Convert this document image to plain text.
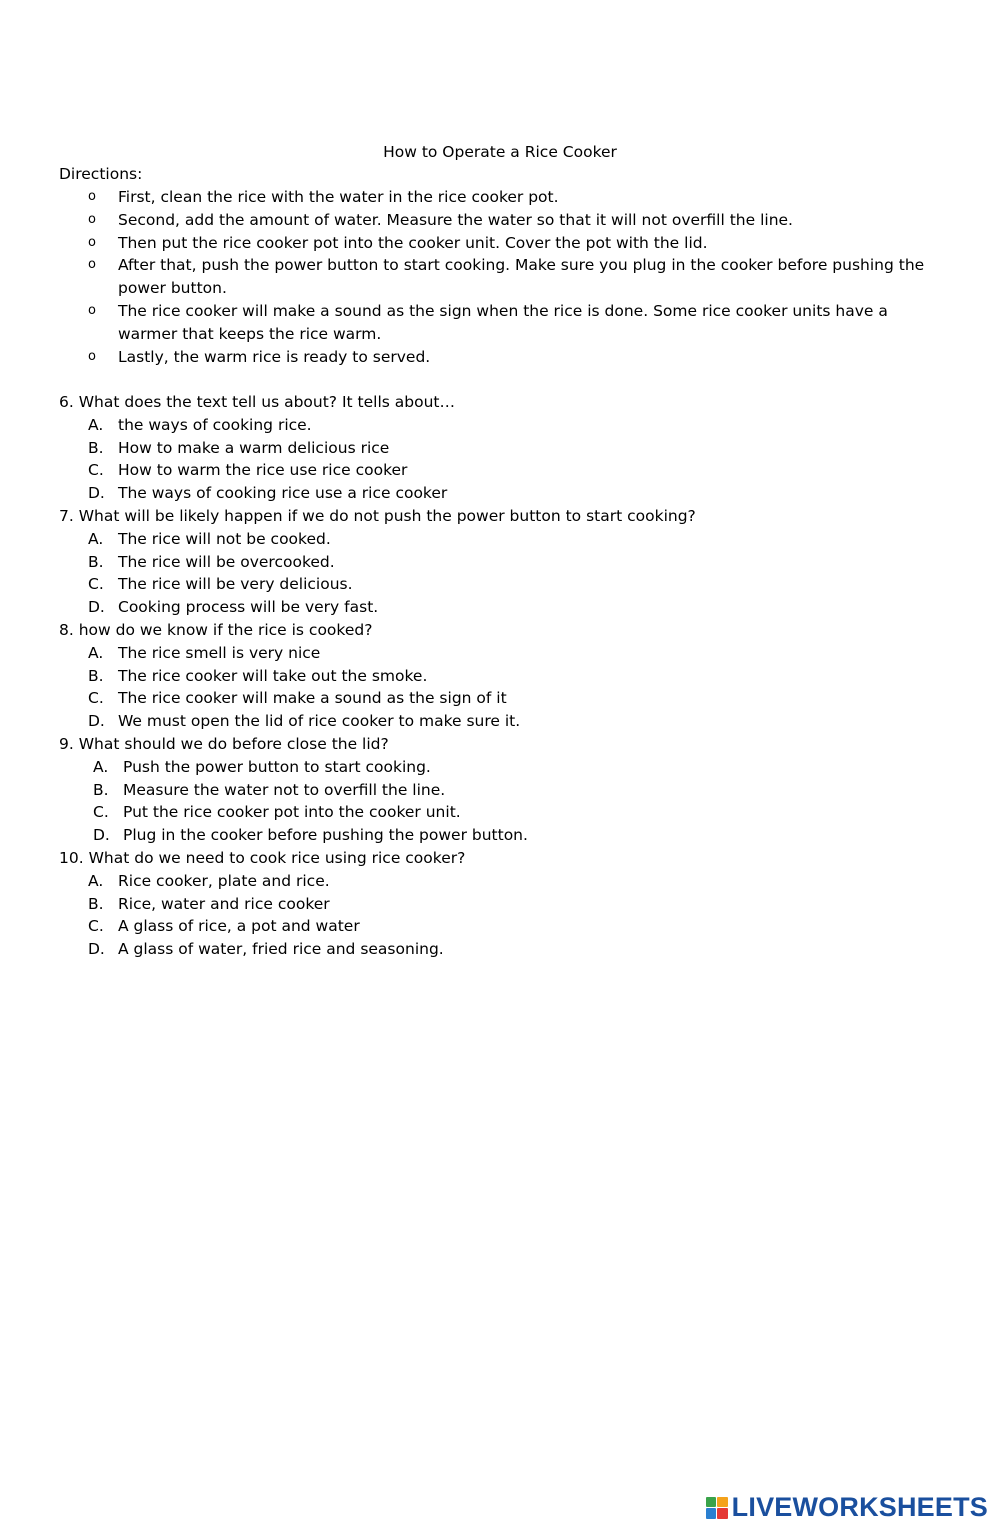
How to Operate a Rice Cooker
Directions:
o First, clean the rice with the water in the rice cooker pot.
o Second, add the amount of water. Measure the water so that it will not overfill the line.
o Then put the rice cooker pot into the cooker unit. Cover the pot with the lid.
o After that, push the power button to start cooking. Make sure you plug in the cooker before pushing the power button.
o The rice cooker will make a sound as the sign when the rice is done. Some rice cooker units have a warmer that keeps the rice warm.
o Lastly, the warm rice is ready to served.
6. What does the text tell us about? It tells about…
A. the ways of cooking rice.
B. How to make a warm delicious rice
C. How to warm the rice use rice cooker
D. The ways of cooking rice use a rice cooker
7. What will be likely happen if we do not push the power button to start cooking?
A. The rice will not be cooked.
B. The rice will be overcooked.
C. The rice will be very delicious.
D. Cooking process will be very fast.
8. how do we know if the rice is cooked?
A. The rice smell is very nice
B. The rice cooker will take out the smoke.
C. The rice cooker will make a sound as the sign of it
D. We must open the lid of rice cooker to make sure it.
9. What should we do before close the lid?
A. Push the power button to start cooking.
B. Measure the water not to overfill the line.
C. Put the rice cooker pot into the cooker unit.
D. Plug in the cooker before pushing the power button.
10. What do we need to cook rice using rice cooker?
A. Rice cooker, plate and rice.
B. Rice, water and rice cooker
C. A glass of rice, a pot and water
D. A glass of water, fried rice and seasoning.
LIVEWORKSHEETS
